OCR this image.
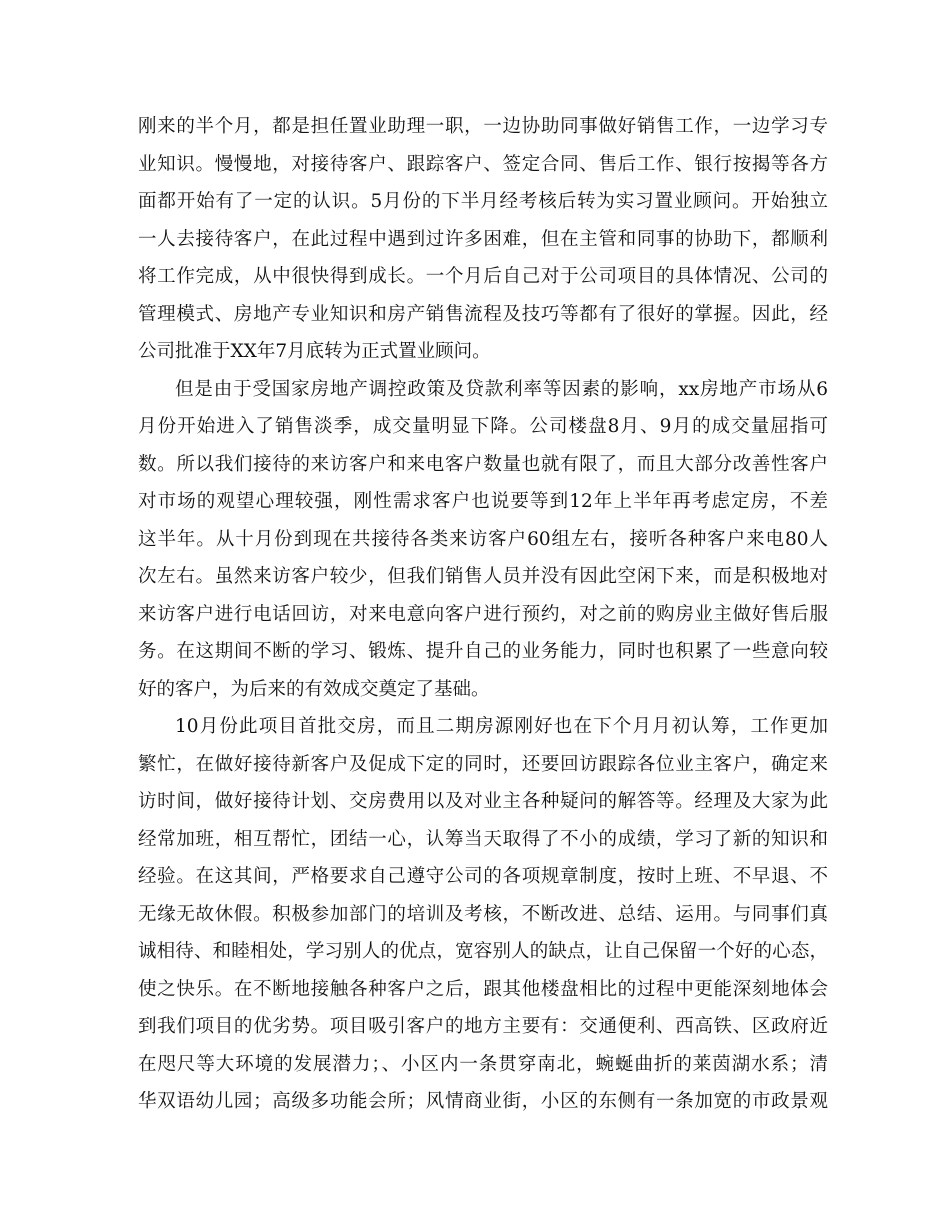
刚来的半个月，都是担任置业助理一职，一边协助同事做好销售工作，一边学习专
业知识。慢慢地，对接待客户、跟踪客户、签定合同、售后工作、银行按揭等各方
面都开始有了一定的认识。5月份的下半月经考核后转为实习置业顾问。开始独立
一人去接待客户，在此过程中遇到过许多困难，但在主管和同事的协助下，都顺利
将工作完成，从中很快得到成长。一个月后自己对于公司项目的具体情况、公司的
管理模式、房地产专业知识和房产销售流程及技巧等都有了很好的掌握。因此，经
公司批准于XX年7月底转为正式置业顾问。
但是由于受国家房地产调控政策及贷款利率等因素的影响，xx房地产市场从6
月份开始进入了销售淡季，成交量明显下降。公司楼盘8月、9月的成交量屈指可
数。所以我们接待的来访客户和来电客户数量也就有限了，而且大部分改善性客户
对市场的观望心理较强，刚性需求客户也说要等到12年上半年再考虑定房，不差
这半年。从十月份到现在共接待各类来访客户60组左右，接听各种客户来电80人
次左右。虽然来访客户较少，但我们销售人员并没有因此空闲下来，而是积极地对
来访客户进行电话回访，对来电意向客户进行预约，对之前的购房业主做好售后服
务。在这期间不断的学习、锻炼、提升自己的业务能力，同时也积累了一些意向较
好的客户，为后来的有效成交奠定了基础。
10月份此项目首批交房，而且二期房源刚好也在下个月月初认筹，工作更加
繁忙，在做好接待新客户及促成下定的同时，还要回访跟踪各位业主客户，确定来
访时间，做好接待计划、交房费用以及对业主各种疑问的解答等。经理及大家为此
经常加班，相互帮忙，团结一心，认筹当天取得了不小的成绩，学习了新的知识和
经验。在这其间，严格要求自己遵守公司的各项规章制度，按时上班、不早退、不
无缘无故休假。积极参加部门的培训及考核，不断改进、总结、运用。与同事们真
诚相待、和睦相处，学习别人的优点，宽容别人的缺点，让自己保留一个好的心态，
使之快乐。在不断地接触各种客户之后，跟其他楼盘相比的过程中更能深刻地体会
到我们项目的优劣势。项目吸引客户的地方主要有：交通便利、西高铁、区政府近
在咫尺等大环境的发展潜力；、小区内一条贯穿南北，蜿蜒曲折的莱茵湖水系；清
华双语幼儿园；高级多功能会所；风情商业街，小区的东侧有一条加宽的市政景观
